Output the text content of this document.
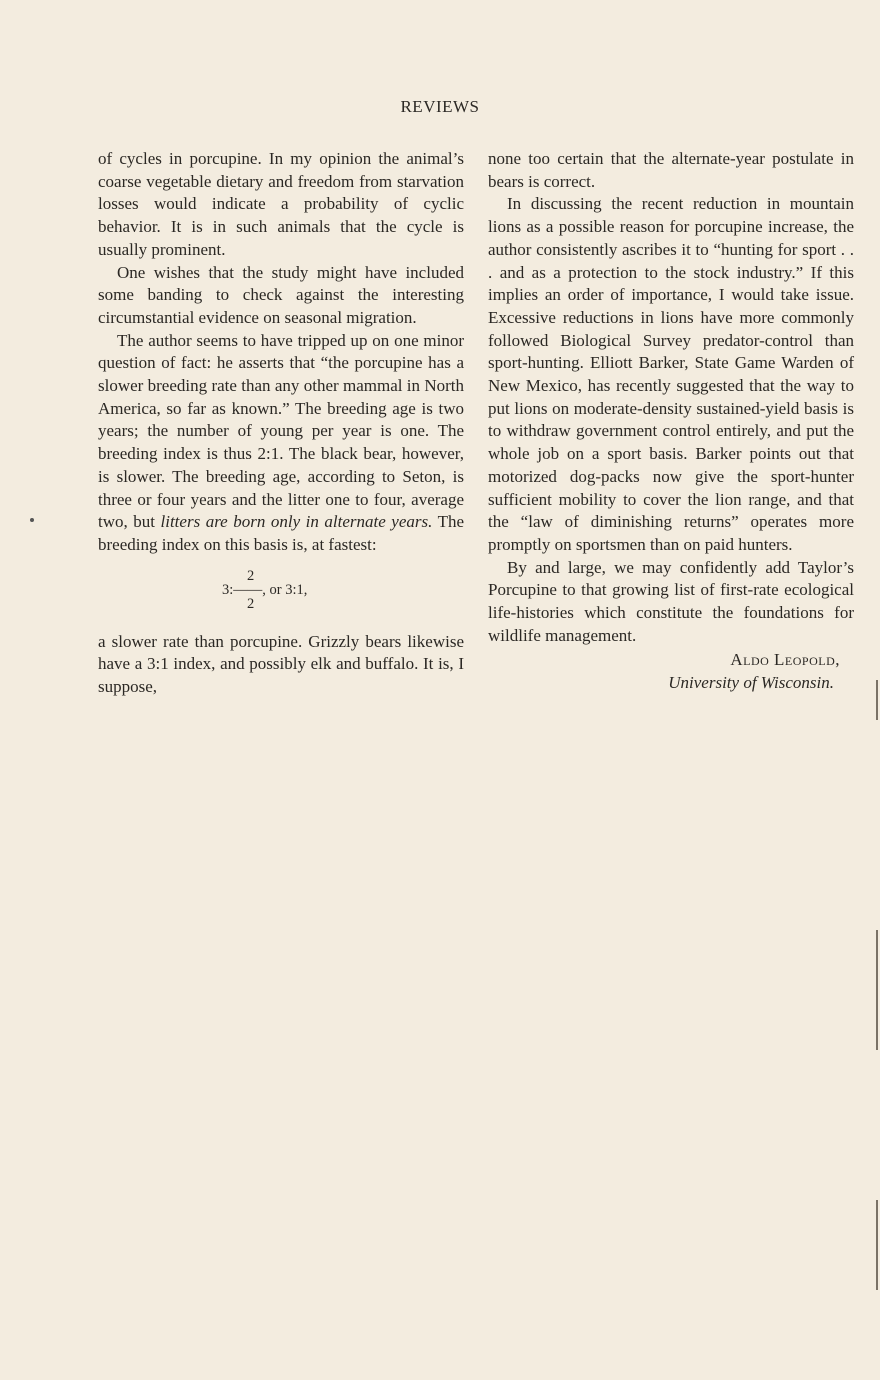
REVIEWS

of cycles in porcupine. In my opinion the animal’s coarse vegetable dietary and freedom from starvation losses would indicate a probability of cyclic behavior. It is in such animals that the cycle is usually prominent.

One wishes that the study might have included some banding to check against the interesting circumstantial evidence on seasonal migration.

The author seems to have tripped up on one minor question of fact: he asserts that “the porcupine has a slower breeding rate than any other mammal in North America, so far as known.” The breeding age is two years; the number of young per year is one. The breeding index is thus 2:1. The black bear, however, is slower. The breeding age, according to Seton, is three or four years and the litter one to four, average two, but litters are born only in alternate years. The breeding index on this basis is, at fastest:

2
3:——, or 3:1,
2

a slower rate than porcupine. Grizzly bears likewise have a 3:1 index, and possibly elk and buffalo. It is, I suppose,

none too certain that the alternate-year postulate in bears is correct.

In discussing the recent reduction in mountain lions as a possible reason for porcupine increase, the author consistently ascribes it to “hunting for sport . . . and as a protection to the stock industry.” If this implies an order of importance, I would take issue. Excessive reductions in lions have more commonly followed Biological Survey predator-control than sport-hunting. Elliott Barker, State Game Warden of New Mexico, has recently suggested that the way to put lions on moderate-density sustained-yield basis is to withdraw government control entirely, and put the whole job on a sport basis. Barker points out that motorized dog-packs now give the sport-hunter sufficient mobility to cover the lion range, and that the “law of diminishing returns” operates more promptly on sportsmen than on paid hunters.

By and large, we may confidently add Taylor’s Porcupine to that growing list of first-rate ecological life-histories which constitute the foundations for wildlife management.

Aldo Leopold,
University of Wisconsin.
